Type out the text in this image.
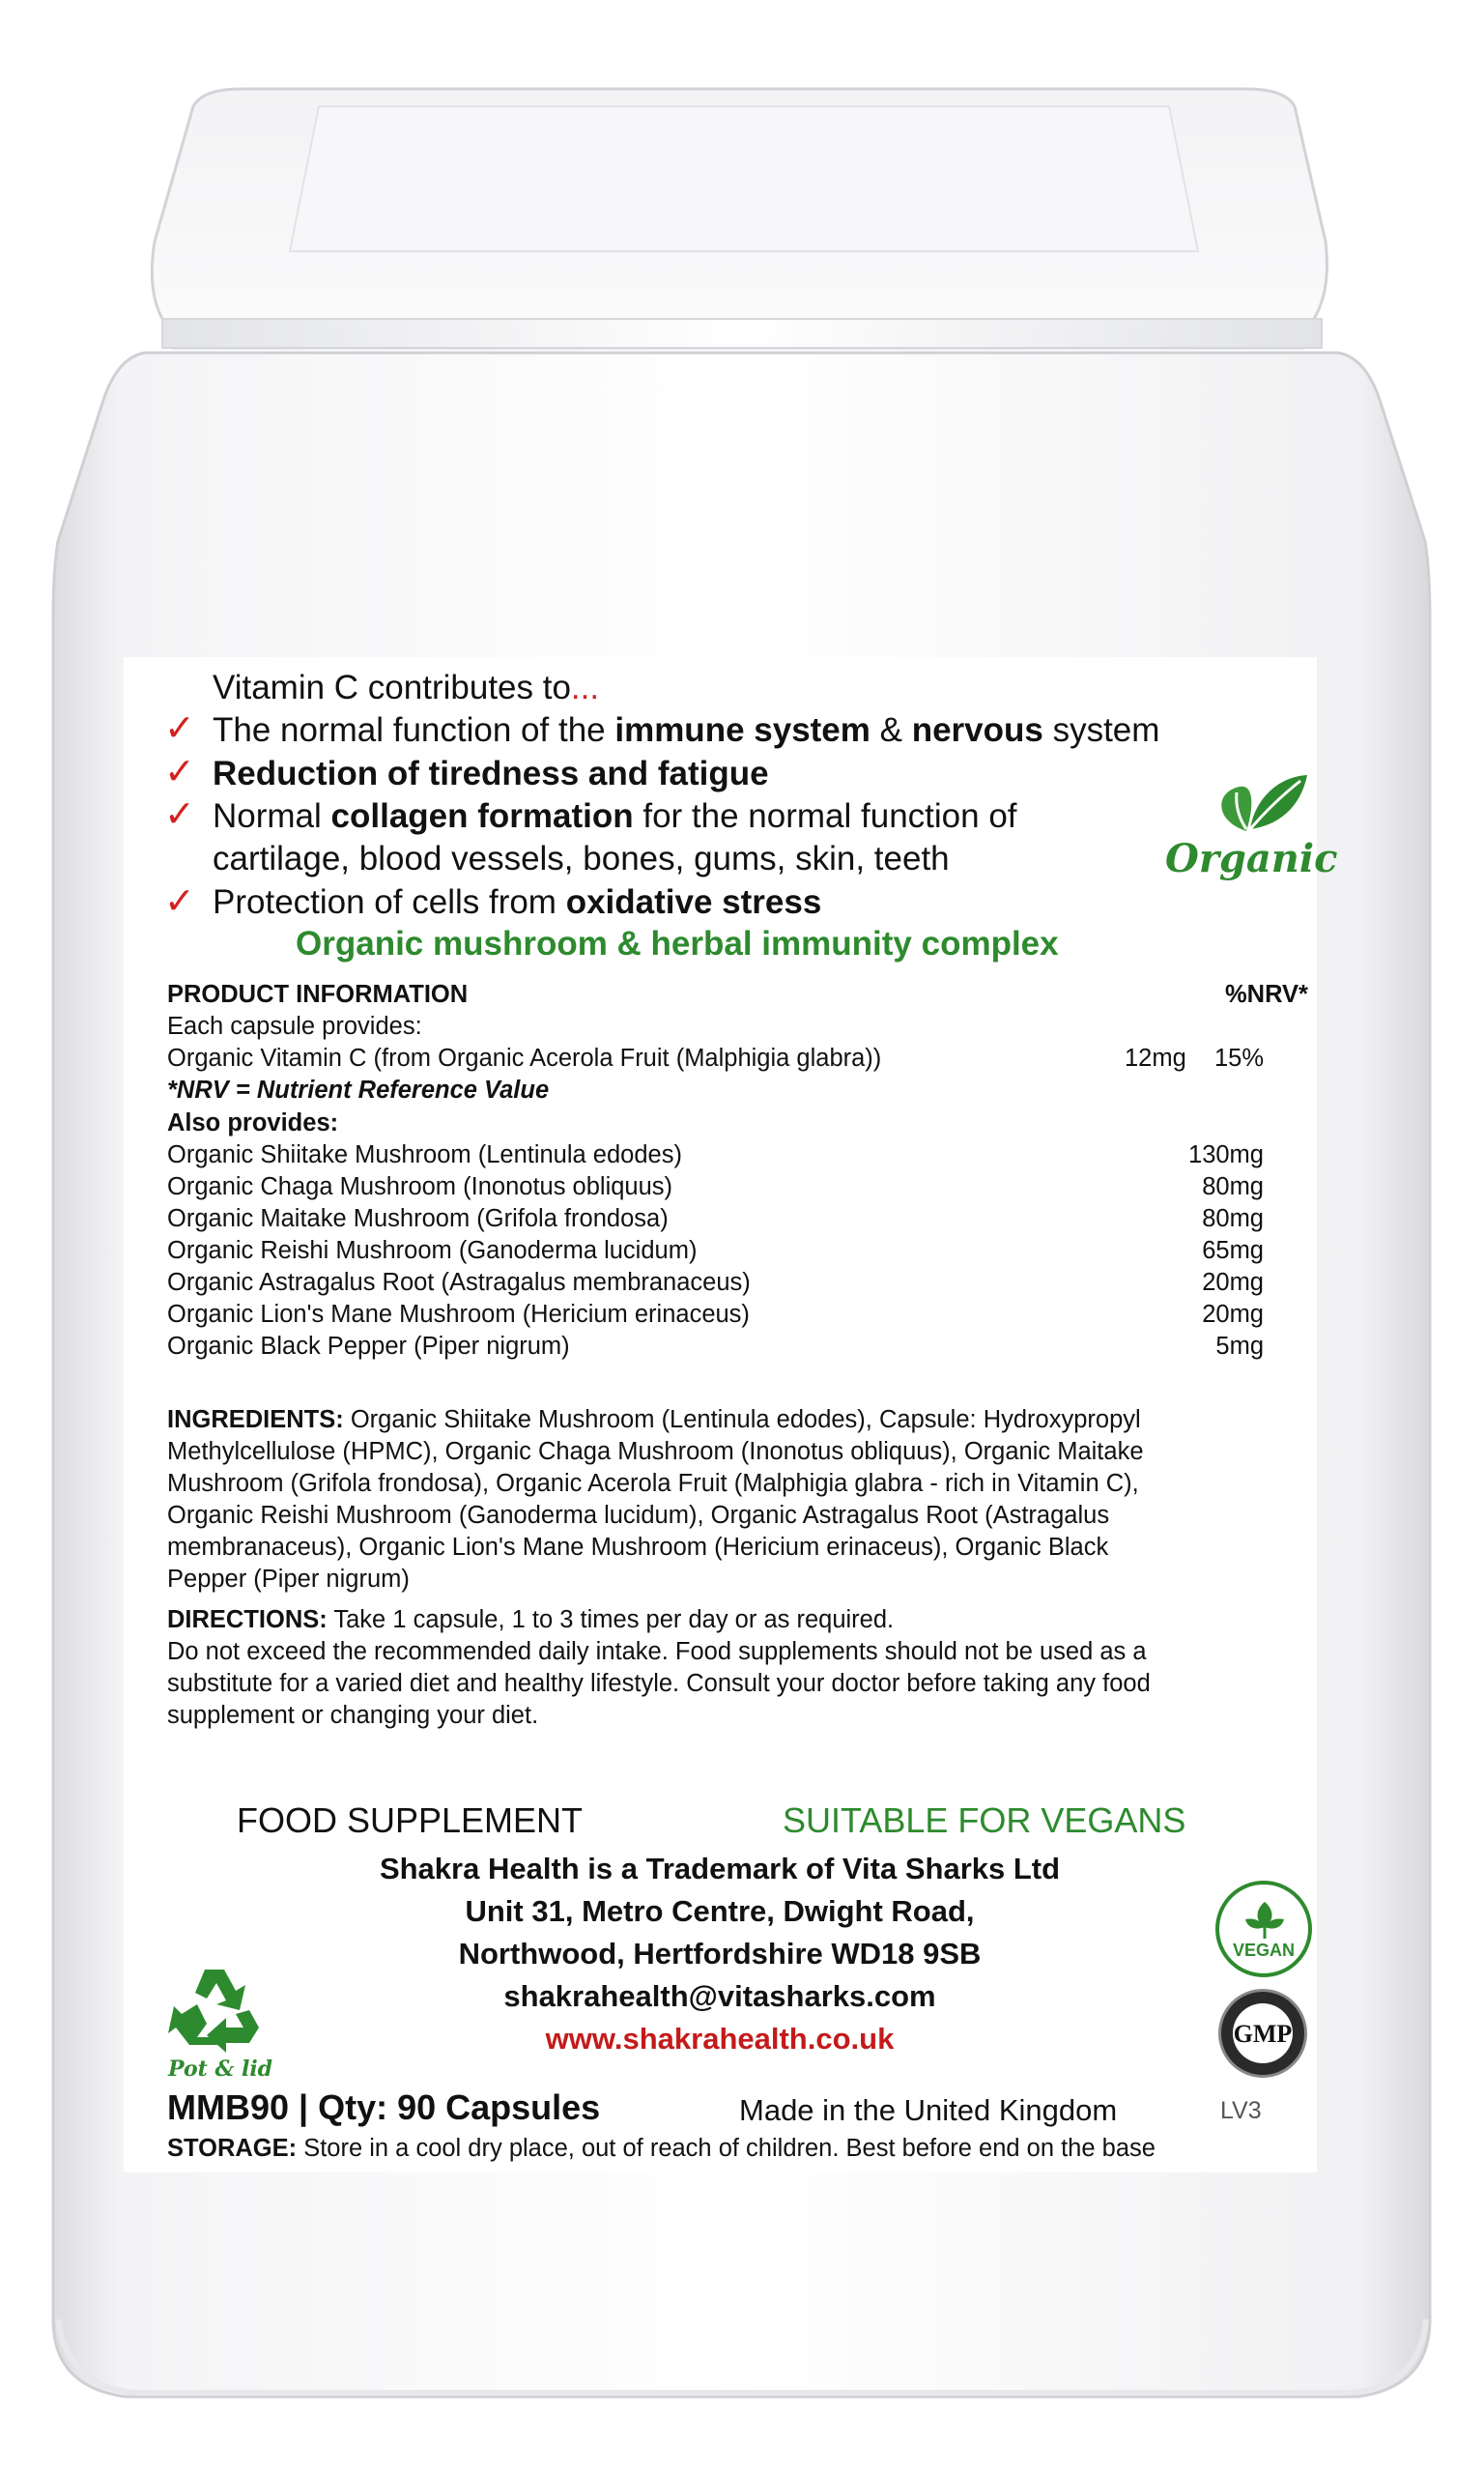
Vitamin C contributes to...
✓ The normal function of the immune system & nervous system
✓ Reduction of tiredness and fatigue
✓ Normal collagen formation for the normal function of
cartilage, blood vessels, bones, gums, skin, teeth
✓ Protection of cells from oxidative stress
Organic
Organic mushroom & herbal immunity complex
PRODUCT INFORMATION	%NRV*
Each capsule provides:
Organic Vitamin C (from Organic Acerola Fruit (Malphigia glabra))	12mg 15%
*NRV = Nutrient Reference Value
Also provides:
Organic Shiitake Mushroom (Lentinula edodes)	130mg
Organic Chaga Mushroom (Inonotus obliquus)	80mg
Organic Maitake Mushroom (Grifola frondosa)	80mg
Organic Reishi Mushroom (Ganoderma lucidum)	65mg
Organic Astragalus Root (Astragalus membranaceus)	20mg
Organic Lion's Mane Mushroom (Hericium erinaceus)	20mg
Organic Black Pepper (Piper nigrum)	5mg
INGREDIENTS: Organic Shiitake Mushroom (Lentinula edodes), Capsule: Hydroxypropyl
Methylcellulose (HPMC), Organic Chaga Mushroom (Inonotus obliquus), Organic Maitake
Mushroom (Grifola frondosa), Organic Acerola Fruit (Malphigia glabra - rich in Vitamin C),
Organic Reishi Mushroom (Ganoderma lucidum), Organic Astragalus Root (Astragalus
membranaceus), Organic Lion's Mane Mushroom (Hericium erinaceus), Organic Black
Pepper (Piper nigrum)
DIRECTIONS: Take 1 capsule, 1 to 3 times per day or as required.
Do not exceed the recommended daily intake. Food supplements should not be used as a
substitute for a varied diet and healthy lifestyle. Consult your doctor before taking any food
supplement or changing your diet.
FOOD SUPPLEMENT	SUITABLE FOR VEGANS
Shakra Health is a Trademark of Vita Sharks Ltd
Unit 31, Metro Centre, Dwight Road,
Northwood, Hertfordshire WD18 9SB
shakrahealth@vitasharks.com
www.shakrahealth.co.uk
Pot & lid
VEGAN
GMP
MMB90 | Qty: 90 Capsules	Made in the United Kingdom	LV3
STORAGE: Store in a cool dry place, out of reach of children. Best before end on the base
